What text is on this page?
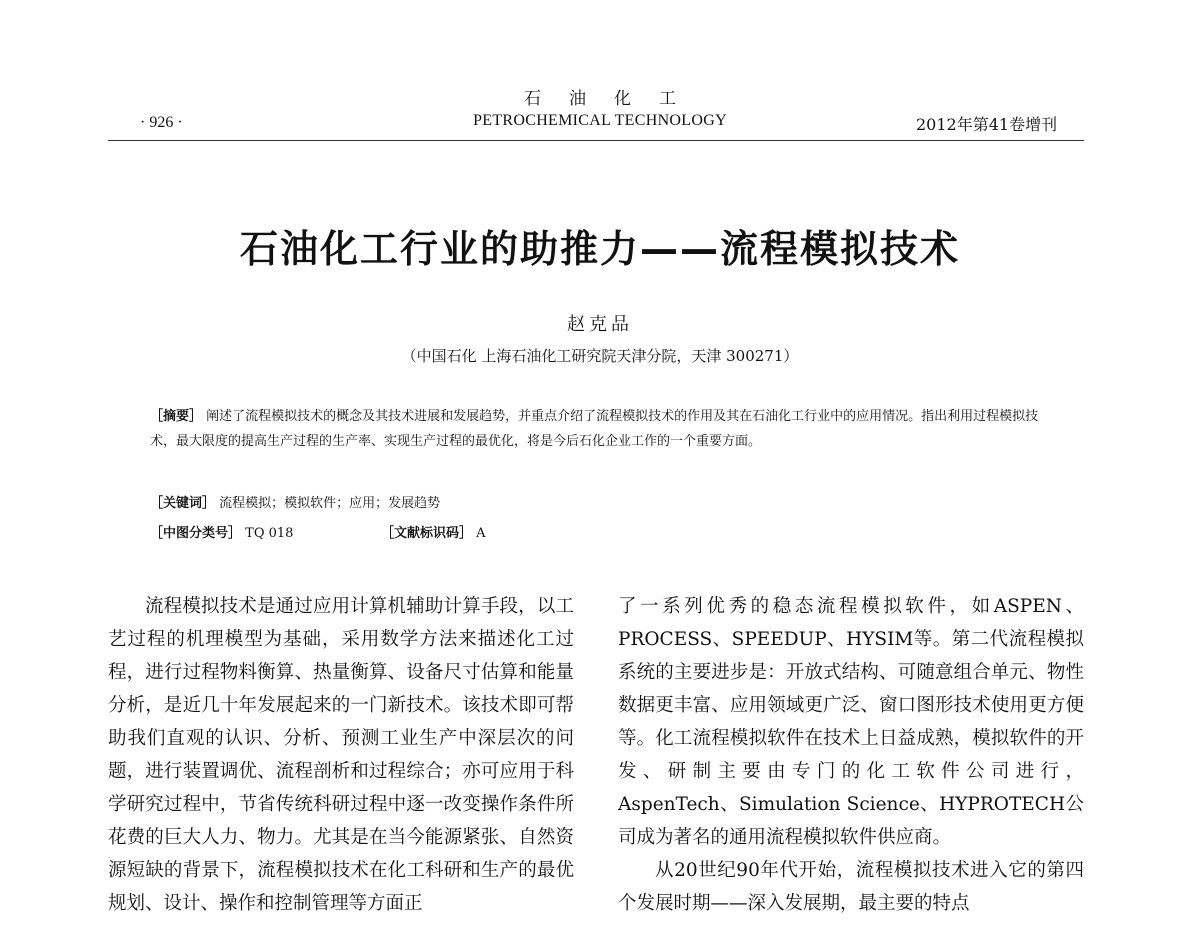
· 926 ·
石油化工
PETROCHEMICAL TECHNOLOGY	2012年第41卷增刊
石油化工行业的助推力——流程模拟技术
赵克品
（中国石化 上海石油化工研究院天津分院，天津 300271）
［摘要］ 阐述了流程模拟技术的概念及其技术进展和发展趋势，并重点介绍了流程模拟技术的作用及其在石油化工行业中的应用情况。指出利用过程模拟技术，最大限度的提高生产过程的生产率、实现生产过程的最优化，将是今后石化企业工作的一个重要方面。
［关键词］ 流程模拟；模拟软件；应用；发展趋势
［中图分类号］ TQ 018	［文献标识码］ A

流程模拟技术是通过应用计算机辅助计算手段，以工艺过程的机理模型为基础，采用数学方法来描述化工过程，进行过程物料衡算、热量衡算、设备尺寸估算和能量分析，是近几十年发展起来的一门新技术。该技术即可帮助我们直观的认识、分析、预测工业生产中深层次的问题，进行装置调优、流程剖析和过程综合；亦可应用于科学研究过程中，节省传统科研过程中逐一改变操作条件所花费的巨大人力、物力。尤其是在当今能源紧张、自然资源短缺的背景下，流程模拟技术在化工科研和生产的最优规划、设计、操作和控制管理等方面正

了一系列优秀的稳态流程模拟软件，如ASPEN、PROCESS、SPEEDUP、HYSIM等。第二代流程模拟系统的主要进步是：开放式结构、可随意组合单元、物性数据更丰富、应用领域更广泛、窗口图形技术使用更方便等。化工流程模拟软件在技术上日益成熟，模拟软件的开发、研制主要由专门的化工软件公司进行，AspenTech、Simulation Science、HYPROTECH公司成为著名的通用流程模拟软件供应商。

从20世纪90年代开始，流程模拟技术进入它的第四个发展时期——深入发展期，最主要的特点
